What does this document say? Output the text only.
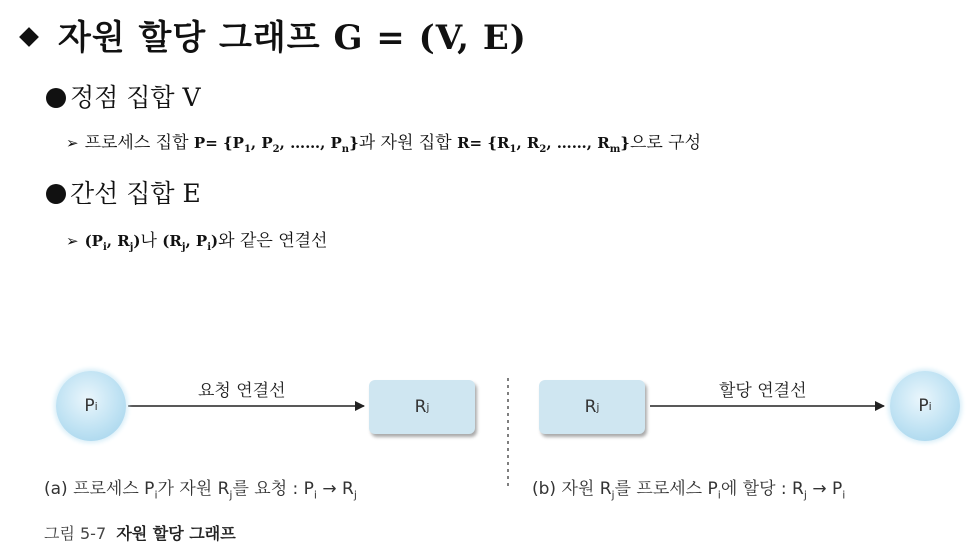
자원 할당 그래프 G = (V, E)
정점 집합 V
➢ 프로세스 집합 $P= \{P_1$, $P_2$, ……, $P_n$}과 자원 집합 $R= \{R_1$, $R_2$, ……, $R_m$}으로 구성
간선 집합 E
➢ ($P_i$, $R_j$)나 ($R_j$, $P_i$)와 같은 연결선
P i
요청 연결선
R j	R j
할당 연결선
P i
(a) 프로세스 $P_i$가 자원 $R_j$를 요청 : $P_i \to R_j$	(b) 자원 $R_j$를 프로세스 $P_i$에 할당 : $R_j \to P_i$
그림 5-7 자원 할당 그래프
